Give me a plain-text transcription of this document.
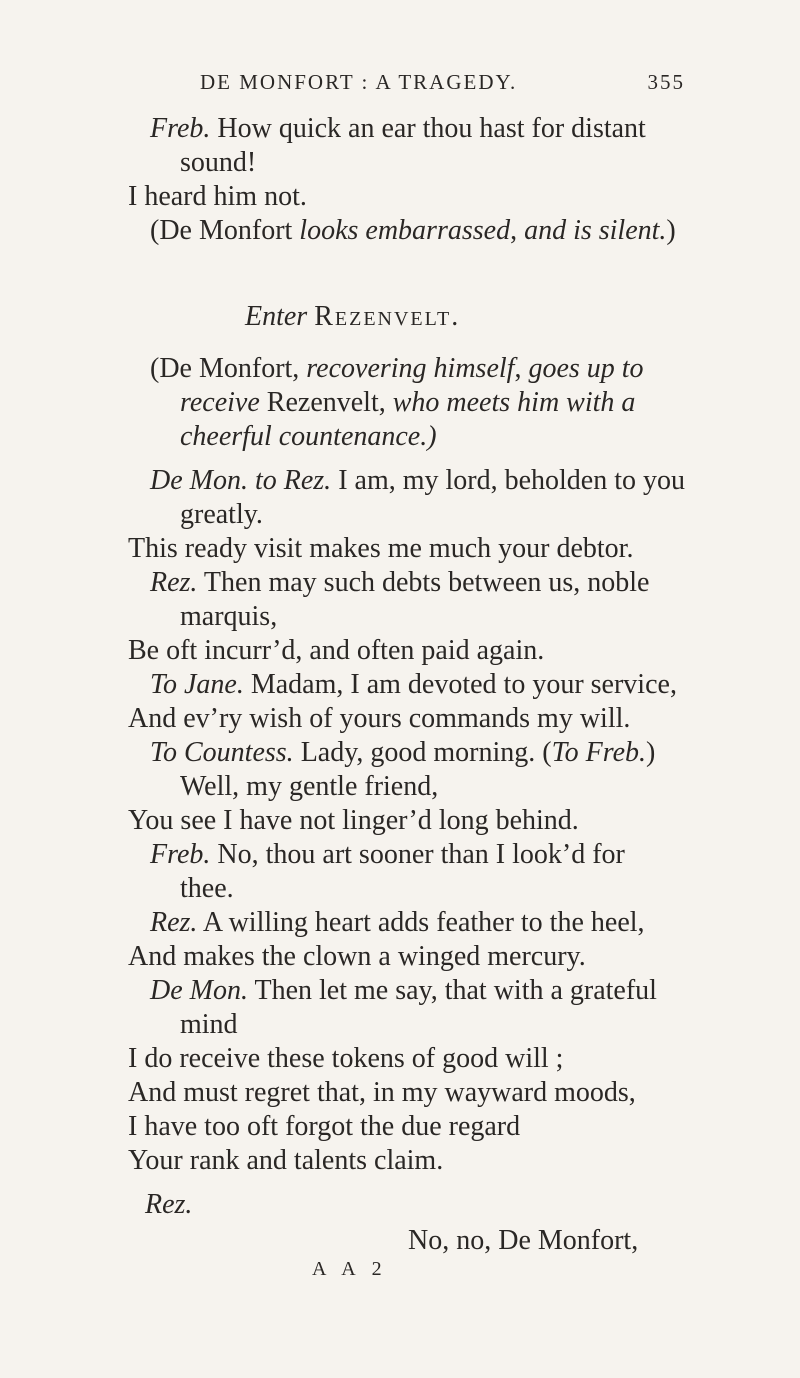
DE MONFORT : A TRAGEDY.	355
Freb. How quick an ear thou hast for distant
sound!
I heard him not.
(De Monfort looks embarrassed, and is silent.)
Enter Rezenvelt.
(De Monfort, recovering himself, goes up to
receive Rezenvelt, who meets him with a
cheerful countenance.)
De Mon. to Rez. I am, my lord, beholden to you
greatly.
This ready visit makes me much your debtor.
Rez. Then may such debts between us, noble
marquis,
Be oft incurr’d, and often paid again.
To Jane. Madam, I am devoted to your service,
And ev’ry wish of yours commands my will.
To Countess. Lady, good morning. (To Freb.)
Well, my gentle friend,
You see I have not linger’d long behind.
Freb. No, thou art sooner than I look’d for
thee.
Rez. A willing heart adds feather to the heel,
And makes the clown a winged mercury.
De Mon. Then let me say, that with a grateful
mind
I do receive these tokens of good will ;
And must regret that, in my wayward moods,
I have too oft forgot the due regard
Your rank and talents claim.
Rez.
No, no, De Monfort,
A A 2
